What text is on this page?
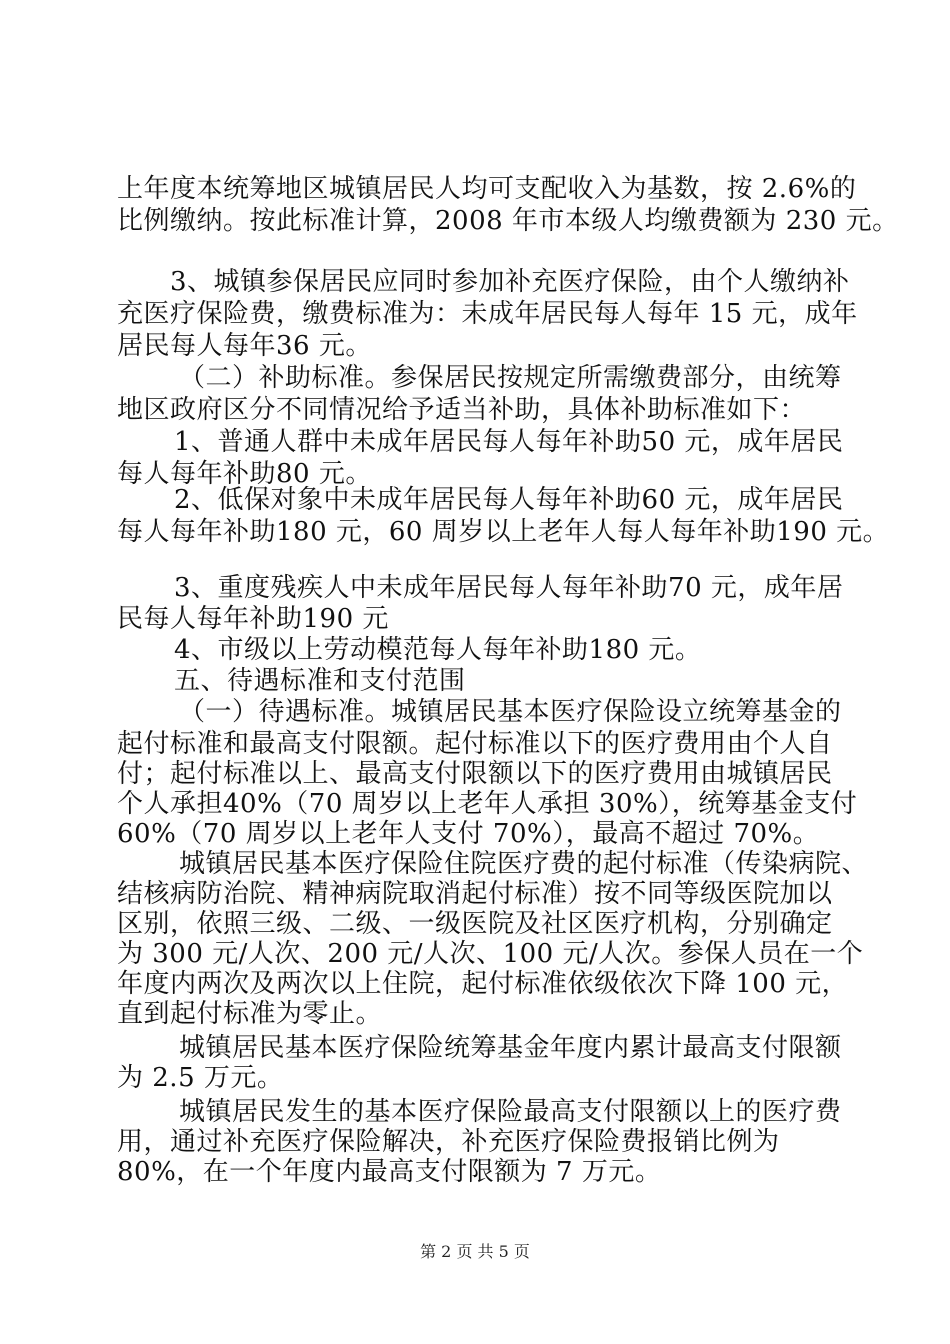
上年度本统筹地区城镇居民人均可支配收入为基数，按 2.6%的
比例缴纳。按此标准计算，2008 年市本级人均缴费额为 230 元。
3、城镇参保居民应同时参加补充医疗保险，由个人缴纳补
充医疗保险费，缴费标准为：未成年居民每人每年 15 元，成年
居民每人每年36 元。
（二）补助标准。参保居民按规定所需缴费部分，由统筹
地区政府区分不同情况给予适当补助，具体补助标准如下：
1、普通人群中未成年居民每人每年补助50 元，成年居民
每人每年补助80 元。
2、低保对象中未成年居民每人每年补助60 元，成年居民
每人每年补助180 元，60 周岁以上老年人每人每年补助190 元。
3、重度残疾人中未成年居民每人每年补助70 元，成年居
民每人每年补助190 元
4、市级以上劳动模范每人每年补助180 元。
五、待遇标准和支付范围
（一）待遇标准。城镇居民基本医疗保险设立统筹基金的
起付标准和最高支付限额。起付标准以下的医疗费用由个人自
付；起付标准以上、最高支付限额以下的医疗费用由城镇居民
个人承担40%（70 周岁以上老年人承担 30%），统筹基金支付
60%（70 周岁以上老年人支付 70%），最高不超过 70%。
城镇居民基本医疗保险住院医疗费的起付标准（传染病院、
结核病防治院、精神病院取消起付标准）按不同等级医院加以
区别，依照三级、二级、一级医院及社区医疗机构，分别确定
为 300 元/人次、200 元/人次、100 元/人次。参保人员在一个
年度内两次及两次以上住院，起付标准依级依次下降 100 元，
直到起付标准为零止。
城镇居民基本医疗保险统筹基金年度内累计最高支付限额
为 2.5 万元。
城镇居民发生的基本医疗保险最高支付限额以上的医疗费
用，通过补充医疗保险解决，补充医疗保险费报销比例为
80%，在一个年度内最高支付限额为 7 万元。
第 2 页 共 5 页
